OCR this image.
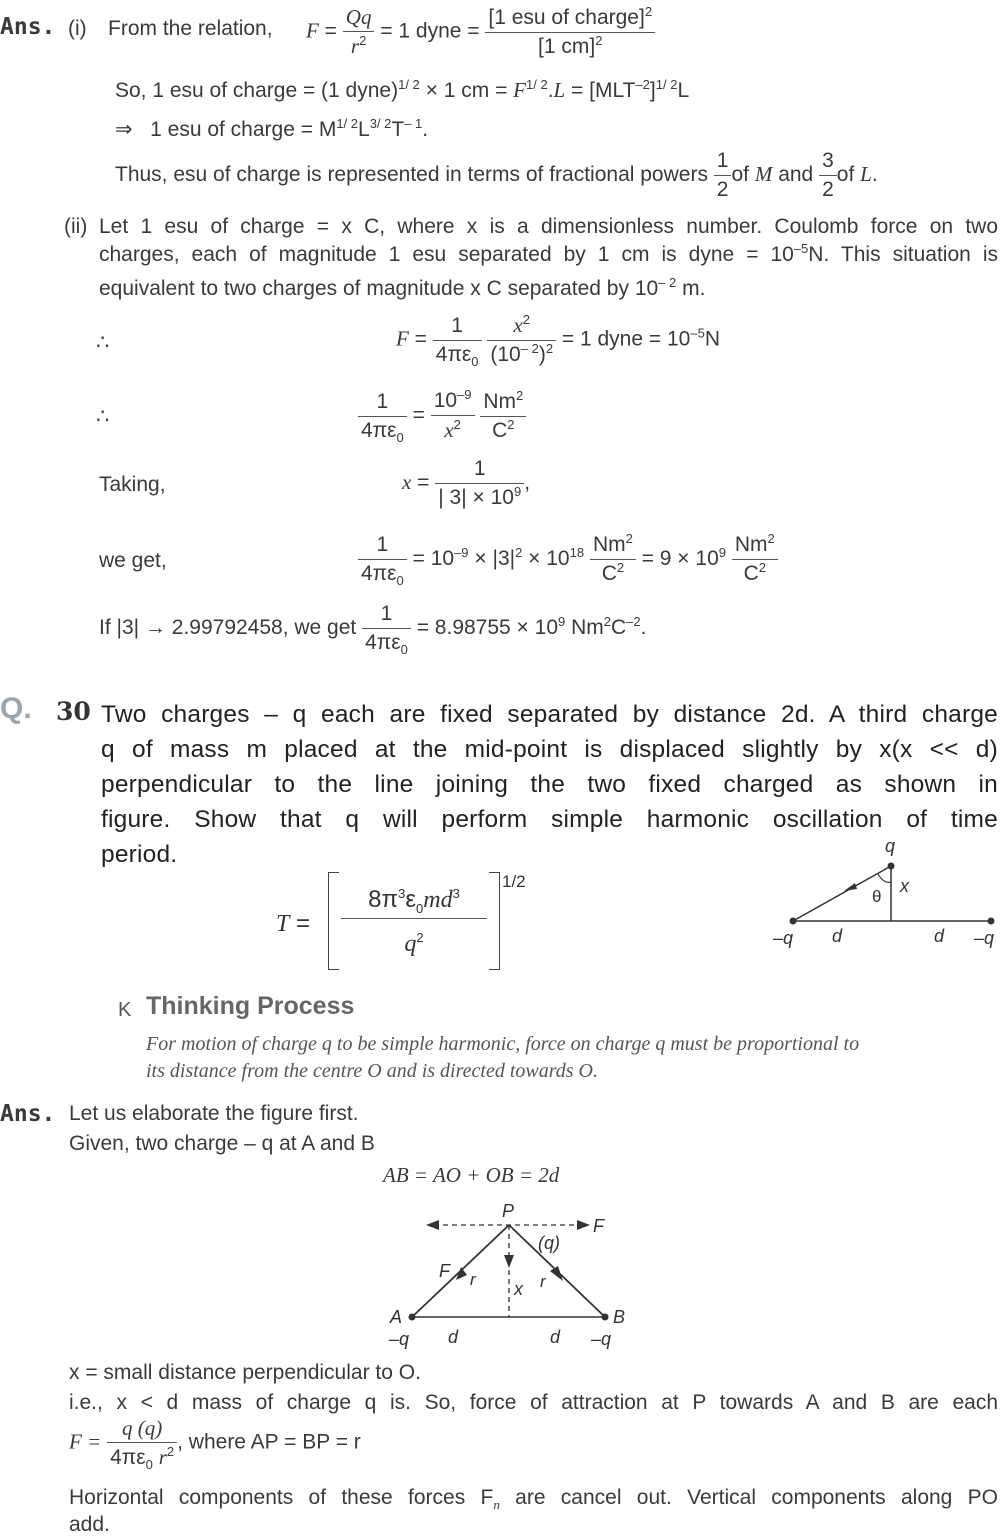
Ans. (i) From the relation, $F = \frac{Qq}{r^2} = 1$ dyne = $\frac{[1 esu of charge]^2}{[1 cm]^2}$
So, 1 esu of charge = (1 dyne)$^{1/ 2}$ × 1 cm = $F^{1/ 2}.L = [MLT^{-2}]^{1/ 2}L$
⇒ 1 esu of charge = $M^{1/ 2}L^{3/ 2}T^{- 1}$.
Thus, esu of charge is represented in terms of fractional powers $\frac{1}{2}$ of M and $\frac{3}{2}$ of L.
(ii) Let 1 esu of charge = x C, where x is a dimensionless number. Coulomb force on two
charges, each of magnitude 1 esu separated by 1 cm is dyne = $10^{-5}N$. This situation is
equivalent to two charges of magnitude x C separated by $10^{- 2}$ m.
∴	$F = \frac{1}{4\pi\varepsilon_0}$
$\frac{x^2}{(10^{- 2})^2} = 1$ dyne = $10^{-5}N$
∴	$\frac{1}{4\pi\varepsilon_0} = \frac{10^{-9}}{x^2}$
$\frac{Nm^2}{C^2}$
Taking,	$x = \frac{1}{| 3| \times 10^9}$ ,
we get,	$\frac{1}{4\pi\varepsilon_0} = 10^{-9} \times |3|^2 \times 10^{18} \frac{Nm^2}{C^2} = 9 \times 10^9 \frac{Nm^2}{C^2}$
If |3| → 2.99792458, we get $\frac{1}{4\pi\varepsilon_0} = 8.98755 \times 10^9$ $Nm^2C^{-2}$.
Q. 30 Two charges – q each are fixed separated by distance 2d. A third charge
q of mass m placed at the mid-point is displaced slightly by x(x << d)
perpendicular to the line joining the two fixed charged as shown in
figure. Show that q will perform simple harmonic oscillation of time
period.
T =
$8\pi^3\varepsilon_0md^3$
$q^2$
1/2
q
θ
x
–q d	d –q
K Thinking Process
For motion of charge q to be simple harmonic, force on charge q must be proportional to
its distance from the centre O and is directed towards O.
Ans. Let us elaborate the figure first.
Given, two charge – q at A and B
AB = AO + OB = 2d
P
F
(q)
F r x r
A	B
–q d	d –q
x = small distance perpendicular to O.
i.e., x < d mass of charge q is. So, force of attraction at P towards A and B are each
$F = \frac{q (q)}{4\pi\varepsilon_0 r^2}$ , where AP = BP = r
Horizontal components of these forces $F_n$ are cancel out. Vertical components along PO
add.
